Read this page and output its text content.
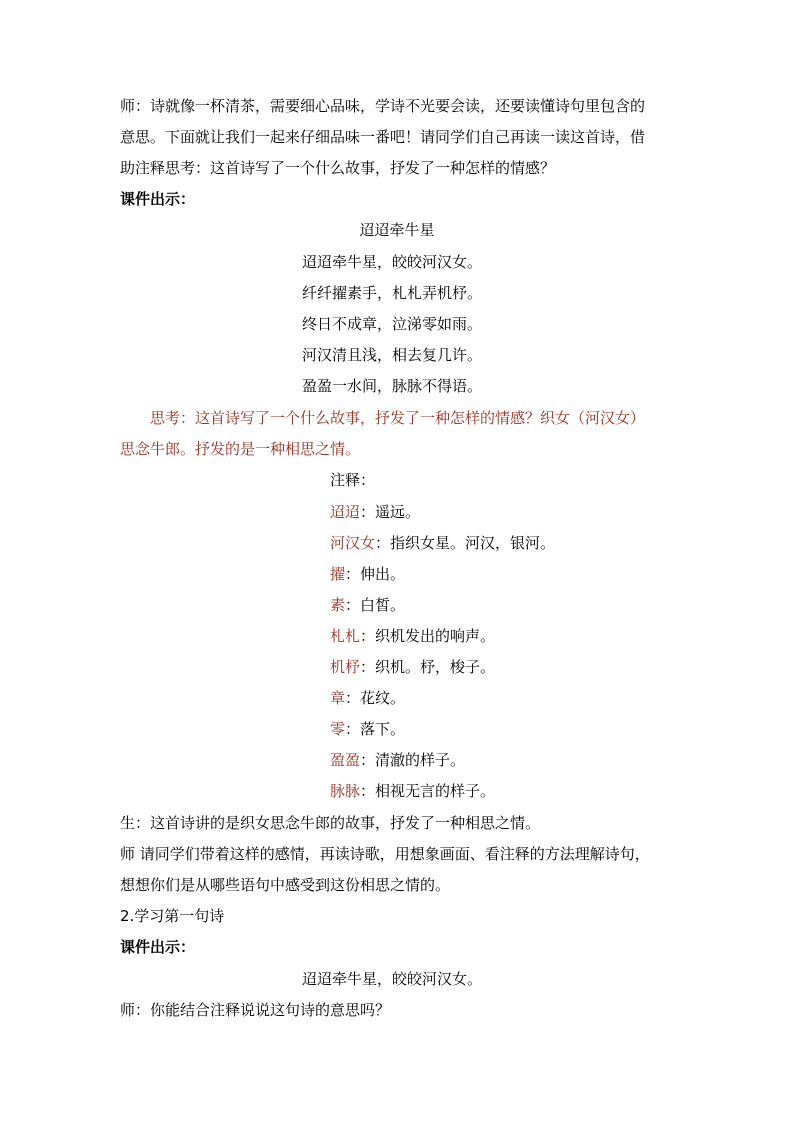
师：诗就像一杯清茶，需要细心品味，学诗不光要会读，还要读懂诗句里包含的
意思。下面就让我们一起来仔细品味一番吧！请同学们自己再读一读这首诗，借
助注释思考：这首诗写了一个什么故事，抒发了一种怎样的情感？
课件出示：
迢迢牵牛星
迢迢牵牛星，皎皎河汉女。
纤纤擢素手，札札弄机杼。
终日不成章，泣涕零如雨。
河汉清且浅，相去复几许。
盈盈一水间，脉脉不得语。
思考：这首诗写了一个什么故事，抒发了一种怎样的情感？织女（河汉女）
思念牛郎。抒发的是一种相思之情。
注释：
迢迢：遥远。
河汉女：指织女星。河汉，银河。
擢：伸出。
素：白皙。
札札：织机发出的响声。
机杼：织机。杼，梭子。
章：花纹。
零：落下。
盈盈：清澈的样子。
脉脉：相视无言的样子。
生：这首诗讲的是织女思念牛郎的故事，抒发了一种相思之情。
师 请同学们带着这样的感情，再读诗歌，用想象画面、看注释的方法理解诗句，
想想你们是从哪些语句中感受到这份相思之情的。
2.学习第一句诗
课件出示：
迢迢牵牛星，皎皎河汉女。
师：你能结合注释说说这句诗的意思吗？
